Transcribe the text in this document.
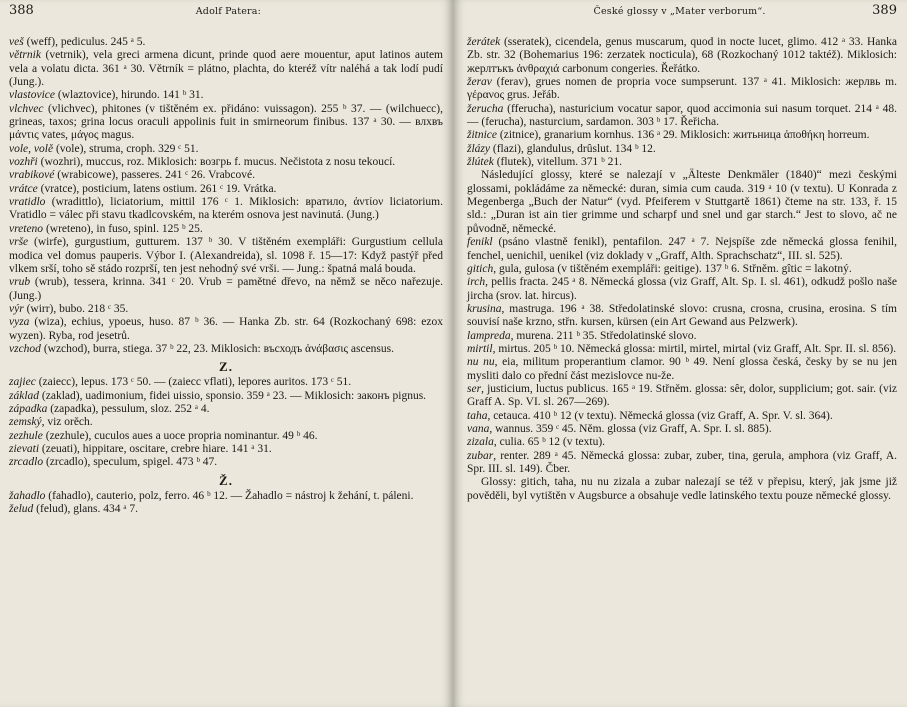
388	Adolf Patera:

veš (weff), pediculus. 245 ᵃ 5.

větrnik (vetrnik), vela greci armena dicunt, prinde quod aere mouentur, aput latinos autem vela a volatu dicta. 361 ᵃ 30. Větrník = plátno, plachta, do kteréž vítr naléhá a tak lodí pudí (Jung.).

vlastovice (wlaztovice), hirundo. 141 ᵇ 31.

vlchvec (vlichvec), phitones (v tištěném ex. přidáno: vuissagon). 255 ᵇ 37. — (wilchuecc), grineas, taxos; grina locus oraculi appolinis fuit in smirneorum finibus. 137 ᵃ 30. — влхвъ μάντις vates, μάγος magus.

vole, volě (vole), struma, croph. 329 ᶜ 51.

vozhři (wozhri), muccus, roz. Miklosich: возгрь f. mucus. Nečistota z nosu tekoucí.

vrabikové (wrabicowe), passeres. 241 ᶜ 26. Vrabcové.

vrátce (vratce), posticium, latens ostium. 261 ᶜ 19. Vrátka.

vratidlo (wradittlo), liciatorium, mittil 176 ᶜ 1. Miklosich: вратило, ἀντίον liciatorium. Vratidlo = válec při stavu tkadlcovském, na kterém osnova jest navinutá. (Jung.)

vreteno (wreteno), in fuso, spinl. 125 ᵇ 25.

vrše (wirfe), gurgustium, gutturem. 137 ᵇ 30. V tištěném exempláři: Gurgustium cellula modica vel domus pauperis. Výbor I. (Alexandreida), sl. 1098 ř. 15—17: Když pastýř před vlkem srší, toho sě stádo rozprší, ten jest nehodný své vrši. — Jung.: špatná malá bouda.

vrub (wrub), tessera, krinna. 341 ᶜ 20. Vrub = pamětné dřevo, na němž se něco nařezuje. (Jung.)

výr (wirr), bubo. 218 ᶜ 35.

vyza (wiza), echius, ypoeus, huso. 87 ᵇ 36. — Hanka Zb. str. 64 (Rozkochaný 698: ezox wyzen). Ryba, rod jesetrů.

vzchod (wzchod), burra, stiega. 37 ᵇ 22, 23. Miklosich: въсходъ ἀνάβασις ascensus.

Z.

zajiec (zaiecc), lepus. 173 ᶜ 50. — (zaiecc vflati), lepores auritos. 173 ᶜ 51.

základ (zaklad), uadimonium, fidei uissio, sponsio. 359 ᵃ 23. — Miklosich: законъ pignus.

západka (zapadka), pessulum, sloz. 252 ᵃ 4.

zemský, viz orěch.

zezhule (zezhule), cuculos aues a uoce propria nominantur. 49 ᵇ 46.

zievati (zeuati), hippitare, oscitare, crebre hiare. 141 ᵃ 31.

zrcadlo (zrcadlo), speculum, spigel. 473 ᵇ 47.

Ž.

žahadlo (fahadlo), cauterio, polz, ferro. 46 ᵇ 12. — Žahadlo = nástroj k žehání, t. páleni.

želud (felud), glans. 434 ᵃ 7.

České glossy v „Mater verborum“.	389

žerátek (sseratek), cicendela, genus muscarum, quod in nocte lucet, glimo. 412 ᵃ 33. Hanka Zb. str. 32 (Bohemarius 196: zerzatek nocticula), 68 (Rozkochaný 1012 taktéž). Miklosich: жерлтъкъ ἀνθραχιά carbonum congeries. Řeřátko.

žerav (ferav), grues nomen de propria voce sumpserunt. 137 ᵃ 41. Miklosich: жерлвь m. γέρανος grus. Jeřáb.

žerucha (fferucha), nasturicium vocatur sapor, quod accimonia sui nasum torquet. 214 ᵃ 48. — (ferucha), nasturcium, sardamon. 303 ᵇ 17. Řeřicha.

žitnice (zitnice), granarium kornhus. 136 ᵃ 29. Miklosich: житьница ἀποθήκη horreum.

žlázy (flazi), glandulus, drûslut. 134 ᵇ 12.

žlútek (flutek), vitellum. 371 ᵇ 21.

Následující glossy, které se nalezají v „Älteste Denkmäler (1840)“ mezi českými glossami, pokládáme za německé: duran, simia cum cauda. 319 ᵃ 10 (v textu). U Konrada z Megenberga „Buch der Natur“ (vyd. Pfeiferem v Stuttgartě 1861) čteme na str. 133, ř. 15 sld.: „Duran ist ain tier grimme und scharpf und snel und gar starch.“ Jest to slovo, ač ne původně, německé.

fenikl (psáno vlastně fenikl), pentafilon. 247 ᵃ 7. Nejspíše zde německá glossa fenihil, fenchel, uenichil, uenikel (viz doklady v „Graff, Alth. Sprachschatz“, III. sl. 525).

gitich, gula, gulosa (v tištěném exempláři: geitige). 137 ᵇ 6. Střněm. gîtic = lakotný.

irch, pellis fracta. 245 ᵃ 8. Německá glossa (viz Graff, Alt. Sp. I. sl. 461), odkudž pošlo naše jircha (srov. lat. hircus).

krusina, mastruga. 196 ᵃ 38. Středolatinské slovo: crusna, crosna, crusina, erosina. S tím souvisí naše krzno, střn. kursen, kürsen (ein Art Gewand aus Pelzwerk).

lampreda, murena. 211 ᵇ 35. Středolatinské slovo.

mirtil, mirtus. 205 ᵇ 10. Německá glossa: mirtil, mirtel, mirtal (viz Graff, Alt. Spr. II. sl. 856).

nu nu, eia, militum properantium clamor. 90 ᵇ 49. Není glossa česká, česky by se nu jen mysliti dalo co přední část mezislovce nu-že.

ser, justicium, luctus publicus. 165 ᵃ 19. Střněm. glossa: sêr, dolor, supplicium; got. sair. (viz Graff A. Sp. VI. sl. 267—269).

taha, cetauca. 410 ᵇ 12 (v textu). Německá glossa (viz Graff, A. Spr. V. sl. 364).

vana, wannus. 359 ᶜ 45. Něm. glossa (viz Graff, A. Spr. I. sl. 885).

zizala, culia. 65 ᵇ 12 (v textu).

zubar, renter. 289 ᵃ 45. Německá glossa: zubar, zuber, tina, gerula, amphora (viz Graff, A. Spr. III. sl. 149). Čber.

Glossy: gitich, taha, nu nu zizala a zubar nalezají se též v přepisu, který, jak jsme již pověděli, byl vytištěn v Augsburce a obsahuje vedle latinského textu pouze německé glossy.
